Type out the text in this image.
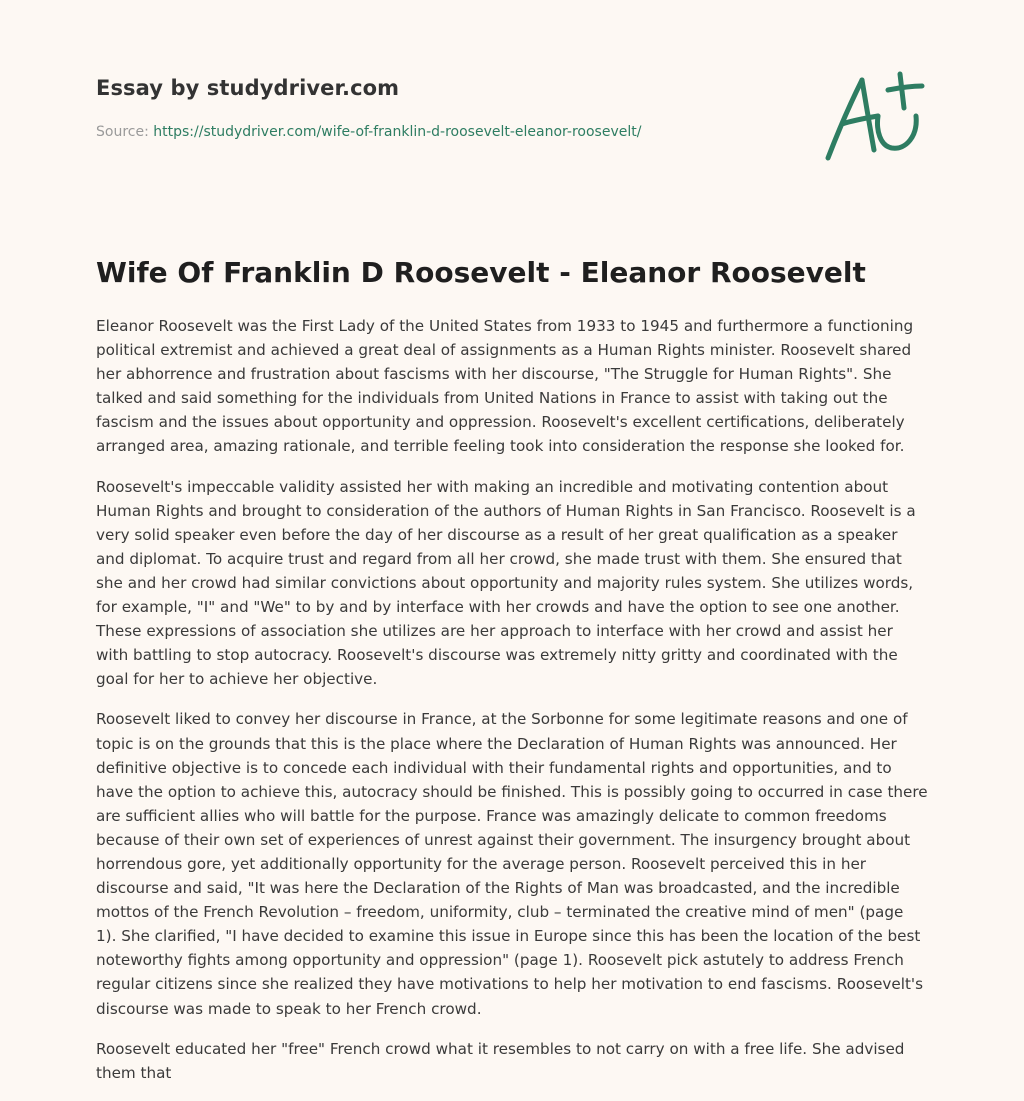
Essay by studydriver.com
Source: https://studydriver.com/wife-of-franklin-d-roosevelt-eleanor-roosevelt/
Wife Of Franklin D Roosevelt - Eleanor Roosevelt

Eleanor Roosevelt was the First Lady of the United States from 1933 to 1945 and furthermore a functioning political extremist and achieved a great deal of assignments as a Human Rights minister. Roosevelt shared her abhorrence and frustration about fascisms with her discourse, "The Struggle for Human Rights". She talked and said something for the individuals from United Nations in France to assist with taking out the fascism and the issues about opportunity and oppression. Roosevelt's excellent certifications, deliberately arranged area, amazing rationale, and terrible feeling took into consideration the response she looked for.

Roosevelt's impeccable validity assisted her with making an incredible and motivating contention about Human Rights and brought to consideration of the authors of Human Rights in San Francisco. Roosevelt is a very solid speaker even before the day of her discourse as a result of her great qualification as a speaker and diplomat. To acquire trust and regard from all her crowd, she made trust with them. She ensured that she and her crowd had similar convictions about opportunity and majority rules system. She utilizes words, for example, "I" and "We" to by and by interface with her crowds and have the option to see one another. These expressions of association she utilizes are her approach to interface with her crowd and assist her with battling to stop autocracy. Roosevelt's discourse was extremely nitty gritty and coordinated with the goal for her to achieve her objective.

Roosevelt liked to convey her discourse in France, at the Sorbonne for some legitimate reasons and one of topic is on the grounds that this is the place where the Declaration of Human Rights was announced. Her definitive objective is to concede each individual with their fundamental rights and opportunities, and to have the option to achieve this, autocracy should be finished. This is possibly going to occurred in case there are sufficient allies who will battle for the purpose. France was amazingly delicate to common freedoms because of their own set of experiences of unrest against their government. The insurgency brought about horrendous gore, yet additionally opportunity for the average person. Roosevelt perceived this in her discourse and said, "It was here the Declaration of the Rights of Man was broadcasted, and the incredible mottos of the French Revolution – freedom, uniformity, club – terminated the creative mind of men" (page 1). She clarified, "I have decided to examine this issue in Europe since this has been the location of the best noteworthy fights among opportunity and oppression" (page 1). Roosevelt pick astutely to address French regular citizens since she realized they have motivations to help her motivation to end fascisms. Roosevelt's discourse was made to speak to her French crowd.

Roosevelt educated her "free" French crowd what it resembles to not carry on with a free life. She advised them that
